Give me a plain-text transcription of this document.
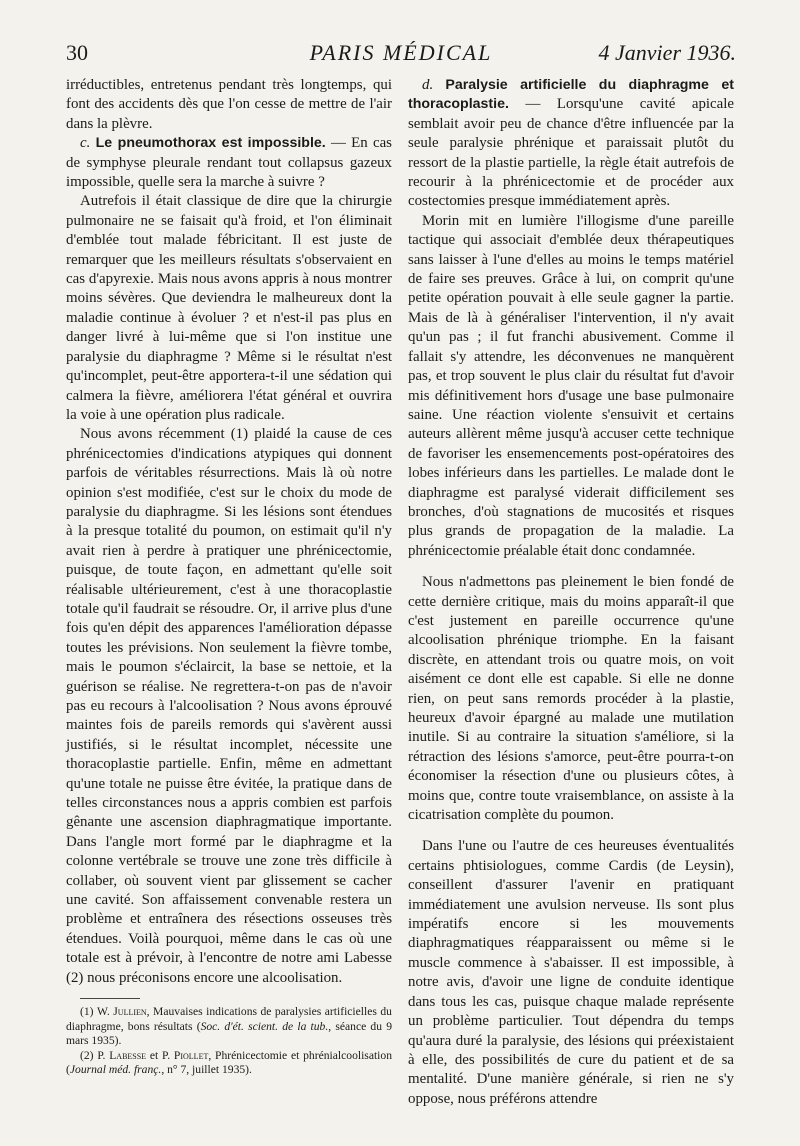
30	PARIS MÉDICAL	4 Janvier 1936.

irréductibles, entretenus pendant très longtemps, qui font des accidents dès que l'on cesse de mettre de l'air dans la plèvre.

c. Le pneumothorax est impossible. — En cas de symphyse pleurale rendant tout collapsus gazeux impossible, quelle sera la marche à suivre ?

Autrefois il était classique de dire que la chirurgie pulmonaire ne se faisait qu'à froid, et l'on éliminait d'emblée tout malade fébricitant. Il est juste de remarquer que les meilleurs résultats s'observaient en cas d'apyrexie. Mais nous avons appris à nous montrer moins sévères. Que deviendra le malheureux dont la maladie continue à évoluer ? et n'est-il pas plus en danger livré à lui-même que si l'on institue une paralysie du diaphragme ? Même si le résultat n'est qu'incomplet, peut-être apportera-t-il une sédation qui calmera la fièvre, améliorera l'état général et ouvrira la voie à une opération plus radicale.

Nous avons récemment (1) plaidé la cause de ces phrénicectomies d'indications atypiques qui donnent parfois de véritables résurrections. Mais là où notre opinion s'est modifiée, c'est sur le choix du mode de paralysie du diaphragme. Si les lésions sont étendues à la presque totalité du poumon, on estimait qu'il n'y avait rien à perdre à pratiquer une phrénicectomie, puisque, de toute façon, en admettant qu'elle soit réalisable ultérieurement, c'est à une thoracoplastie totale qu'il faudrait se résoudre. Or, il arrive plus d'une fois qu'en dépit des apparences l'amélioration dépasse toutes les prévisions. Non seulement la fièvre tombe, mais le poumon s'éclaircit, la base se nettoie, et la guérison se réalise. Ne regrettera-t-on pas de n'avoir pas eu recours à l'alcoolisation ? Nous avons éprouvé maintes fois de pareils remords qui s'avèrent aussi justifiés, si le résultat incomplet, nécessite une thoracoplastie partielle. Enfin, même en admettant qu'une totale ne puisse être évitée, la pratique dans de telles circonstances nous a appris combien est parfois gênante une ascension diaphragmatique importante. Dans l'angle mort formé par le diaphragme et la colonne vertébrale se trouve une zone très difficile à collaber, où souvent vient par glissement se cacher une cavité. Son affaissement convenable restera un problème et entraînera des résections osseuses très étendues. Voilà pourquoi, même dans le cas où une totale est à prévoir, à l'encontre de notre ami Labesse (2) nous préconisons encore une alcoolisation.

(1) W. Jullien, Mauvaises indications de paralysies artificielles du diaphragme, bons résultats (Soc. d'ét. scient. de la tub., séance du 9 mars 1935).

(2) P. Labesse et P. Piollet, Phrénicectomie et phrénialcoolisation (Journal méd. franç., n° 7, juillet 1935).

d. Paralysie artificielle du diaphragme et thoracoplastie. — Lorsqu'une cavité apicale semblait avoir peu de chance d'être influencée par la seule paralysie phrénique et paraissait plutôt du ressort de la plastie partielle, la règle était autrefois de recourir à la phrénicectomie et de procéder aux costectomies presque immédiatement après.

Morin mit en lumière l'illogisme d'une pareille tactique qui associait d'emblée deux thérapeutiques sans laisser à l'une d'elles au moins le temps matériel de faire ses preuves. Grâce à lui, on comprit qu'une petite opération pouvait à elle seule gagner la partie. Mais de là à généraliser l'intervention, il n'y avait qu'un pas ; il fut franchi abusivement. Comme il fallait s'y attendre, les déconvenues ne manquèrent pas, et trop souvent le plus clair du résultat fut d'avoir mis définitivement hors d'usage une base pulmonaire saine. Une réaction violente s'ensuivit et certains auteurs allèrent même jusqu'à accuser cette technique de favoriser les ensemencements post-opératoires des lobes inférieurs dans les partielles. Le malade dont le diaphragme est paralysé viderait difficilement ses bronches, d'où stagnations de mucosités et risques plus grands de propagation de la maladie. La phrénicectomie préalable était donc condamnée.

Nous n'admettons pas pleinement le bien fondé de cette dernière critique, mais du moins apparaît-il que c'est justement en pareille occurrence qu'une alcoolisation phrénique triomphe. En la faisant discrète, en attendant trois ou quatre mois, on voit aisément ce dont elle est capable. Si elle ne donne rien, on peut sans remords procéder à la plastie, heureux d'avoir épargné au malade une mutilation inutile. Si au contraire la situation s'améliore, si la rétraction des lésions s'amorce, peut-être pourra-t-on économiser la résection d'une ou plusieurs côtes, à moins que, contre toute vraisemblance, on assiste à la cicatrisation complète du poumon.

Dans l'une ou l'autre de ces heureuses éventualités certains phtisiologues, comme Cardis (de Leysin), conseillent d'assurer l'avenir en pratiquant immédiatement une avulsion nerveuse. Ils sont plus impératifs encore si les mouvements diaphragmatiques réapparaissent ou même si le muscle commence à s'abaisser. Il est impossible, à notre avis, d'avoir une ligne de conduite identique dans tous les cas, puisque chaque malade représente un problème particulier. Tout dépendra du temps qu'aura duré la paralysie, des lésions qui préexistaient à elle, des possibilités de cure du patient et de sa mentalité. D'une manière générale, si rien ne s'y oppose, nous préférons attendre
